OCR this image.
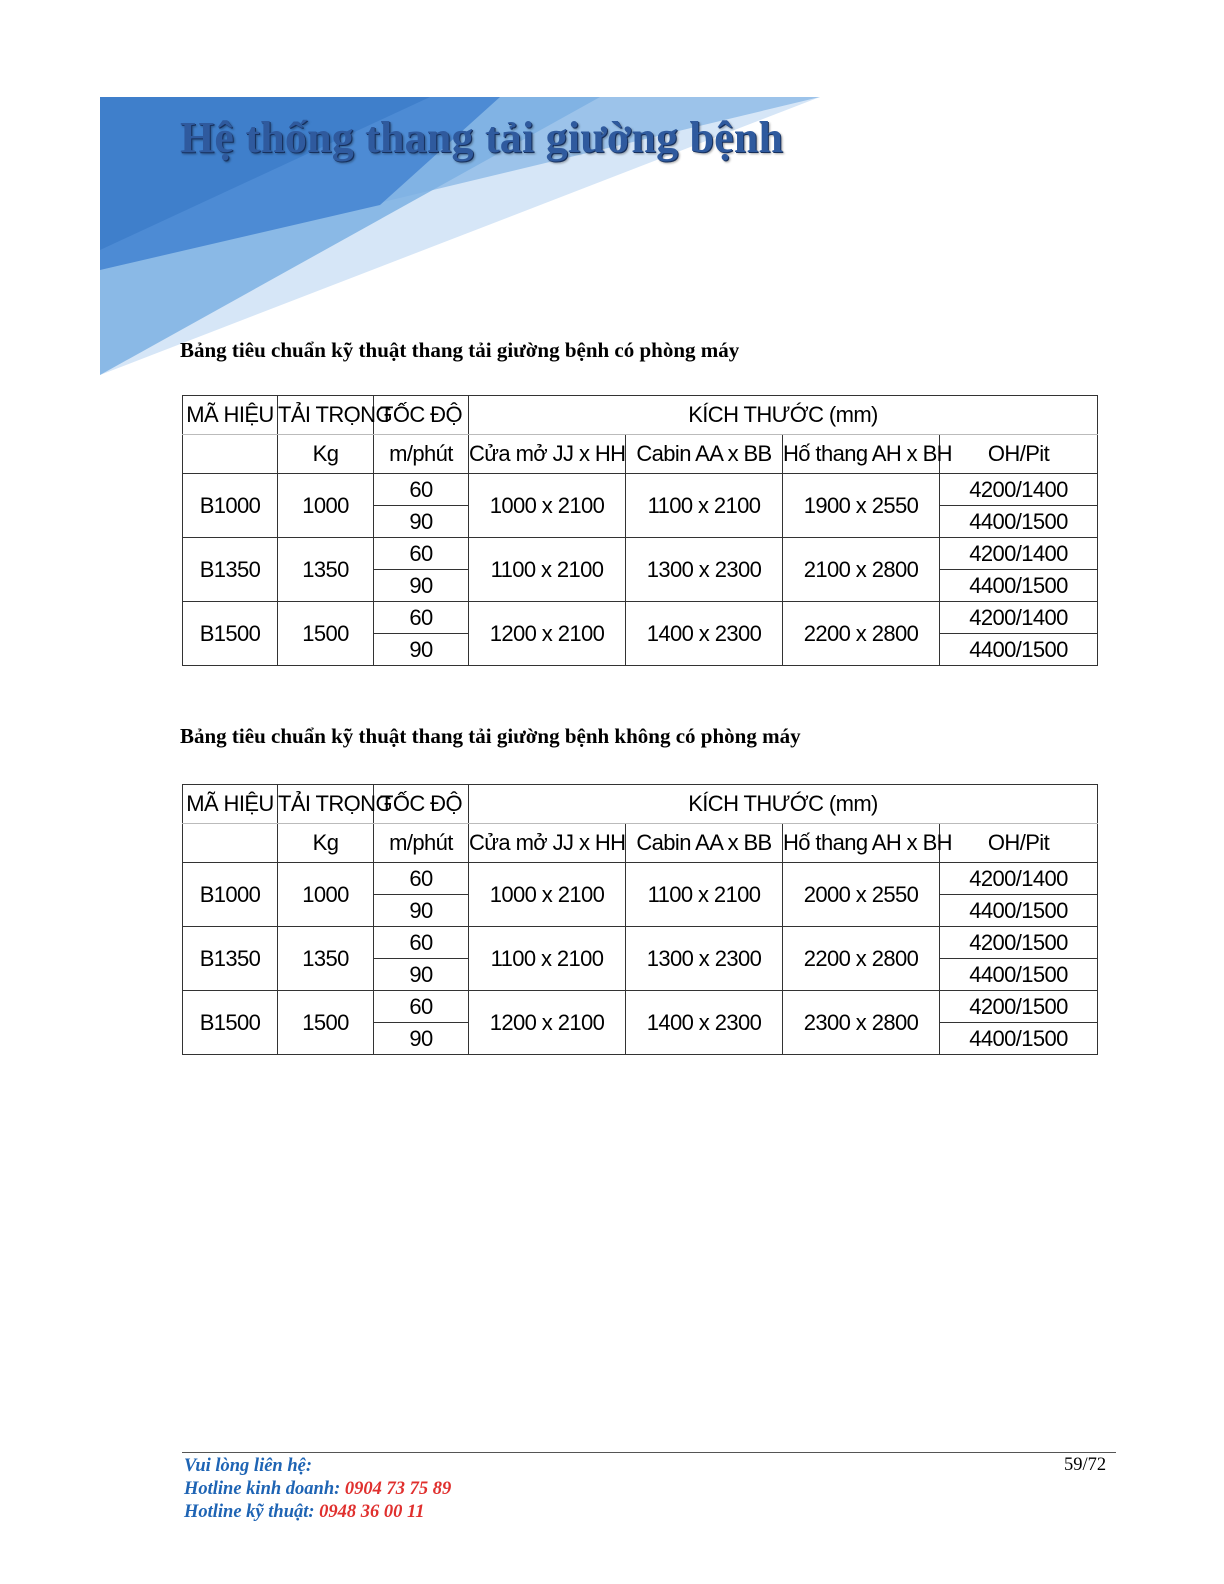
Hệ thống thang tải giường bệnh

Bảng tiêu chuẩn kỹ thuật thang tải giường bệnh có phòng máy

MÃ HIỆU	TẢI TRỌNG	TỐC ĐỘ	KÍCH THƯỚC (mm)			
	Kg	m/phút	Cửa mở JJ x HH	Cabin AA x BB	Hố thang AH x BH	OH/Pit
B1000	1000	60	1000 x 2100	1100 x 2100	1900 x 2550	4200/1400
		90				4400/1500
B1350	1350	60	1100 x 2100	1300 x 2300	2100 x 2800	4200/1400
		90				4400/1500
B1500	1500	60	1200 x 2100	1400 x 2300	2200 x 2800	4200/1400
		90				4400/1500

Bảng tiêu chuẩn kỹ thuật thang tải giường bệnh không có phòng máy

MÃ HIỆU	TẢI TRỌNG	TỐC ĐỘ	KÍCH THƯỚC (mm)			
	Kg	m/phút	Cửa mở JJ x HH	Cabin AA x BB	Hố thang AH x BH	OH/Pit
B1000	1000	60	1000 x 2100	1100 x 2100	2000 x 2550	4200/1400
		90				4400/1500
B1350	1350	60	1100 x 2100	1300 x 2300	2200 x 2800	4200/1500
		90				4400/1500
B1500	1500	60	1200 x 2100	1400 x 2300	2300 x 2800	4200/1500
		90				4400/1500
Vui lòng liên hệ:
Hotline kinh doanh: 0904 73 75 89
Hotline kỹ thuật: 0948 36 00 11
59/72
